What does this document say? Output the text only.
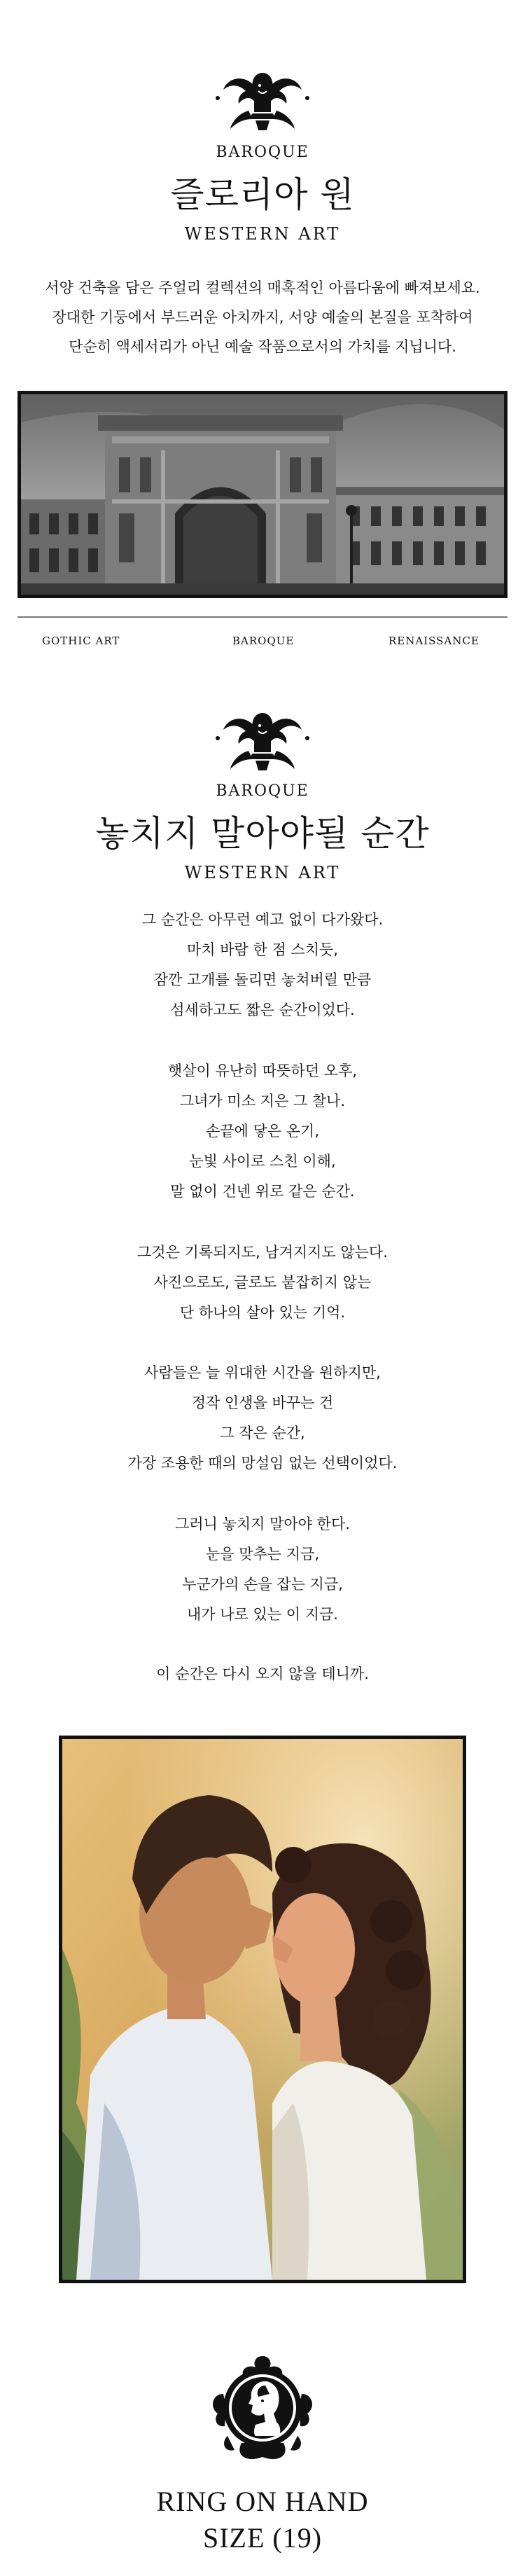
BAROQUE
즐로리아 원
WESTERN ART

서양 건축을 담은 주얼리 컬렉션의 매혹적인 아름다움에 빠져보세요.

장대한 기둥에서 부드러운 아치까지, 서양 예술의 본질을 포착하여

단순히 액세서리가 아닌 예술 작품으로서의 가치를 지닙니다.

GOTHIC ART	BAROQUE	RENAISSANCE
BAROQUE
놓치지 말아야될 순간
WESTERN ART

그 순간은 아무런 예고 없이 다가왔다.

마치 바람 한 점 스치듯,

잠깐 고개를 돌리면 놓쳐버릴 만큼

섬세하고도 짧은 순간이었다.

햇살이 유난히 따뜻하던 오후,

그녀가 미소 지은 그 찰나.

손끝에 닿은 온기,

눈빛 사이로 스친 이해,

말 없이 건넨 위로 같은 순간.

그것은 기록되지도, 남겨지지도 않는다.

사진으로도, 글로도 붙잡히지 않는

단 하나의 살아 있는 기억.

사람들은 늘 위대한 시간을 원하지만,

정작 인생을 바꾸는 건

그 작은 순간,

가장 조용한 때의 망설임 없는 선택이었다.

그러니 놓치지 말아야 한다.

눈을 맞추는 지금,

누군가의 손을 잡는 지금,

내가 나로 있는 이 지금.

이 순간은 다시 오지 않을 테니까.

RING ON HAND
SIZE (19)
